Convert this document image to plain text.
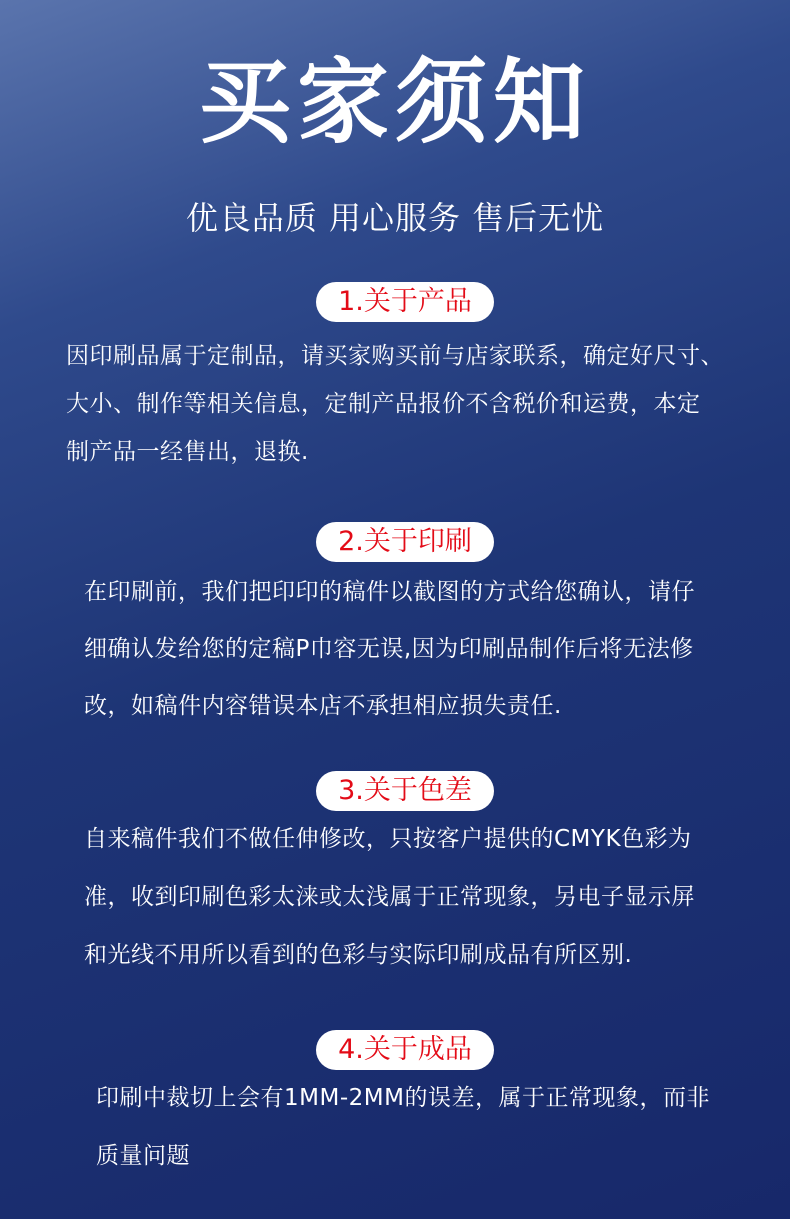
买家须知
优良品质 用心服务 售后无忧
1.关于产品
因印刷品属于定制品，请买家购买前与店家联系，确定好尺寸、
大小、制作等相关信息，定制产品报价不含税价和运费，本定
制产品一经售出，退换.
2.关于印刷
在印刷前，我们把印印的稿件以截图的方式给您确认，请仔
细确认发给您的定稿P巾容无误,因为印刷品制作后将无法修
改，如稿件内容错误本店不承担相应损失责任.
3.关于色差
自来稿件我们不做任伸修改，只按客户提供的CMYK色彩为
准，收到印刷色彩太涞或太浅属于正常现象，另电子显示屏
和光线不用所以看到的色彩与实际印刷成品有所区别.
4.关于成品
印刷中裁切上会有1MM-2MM的误差，属于正常现象，而非
质量问题
